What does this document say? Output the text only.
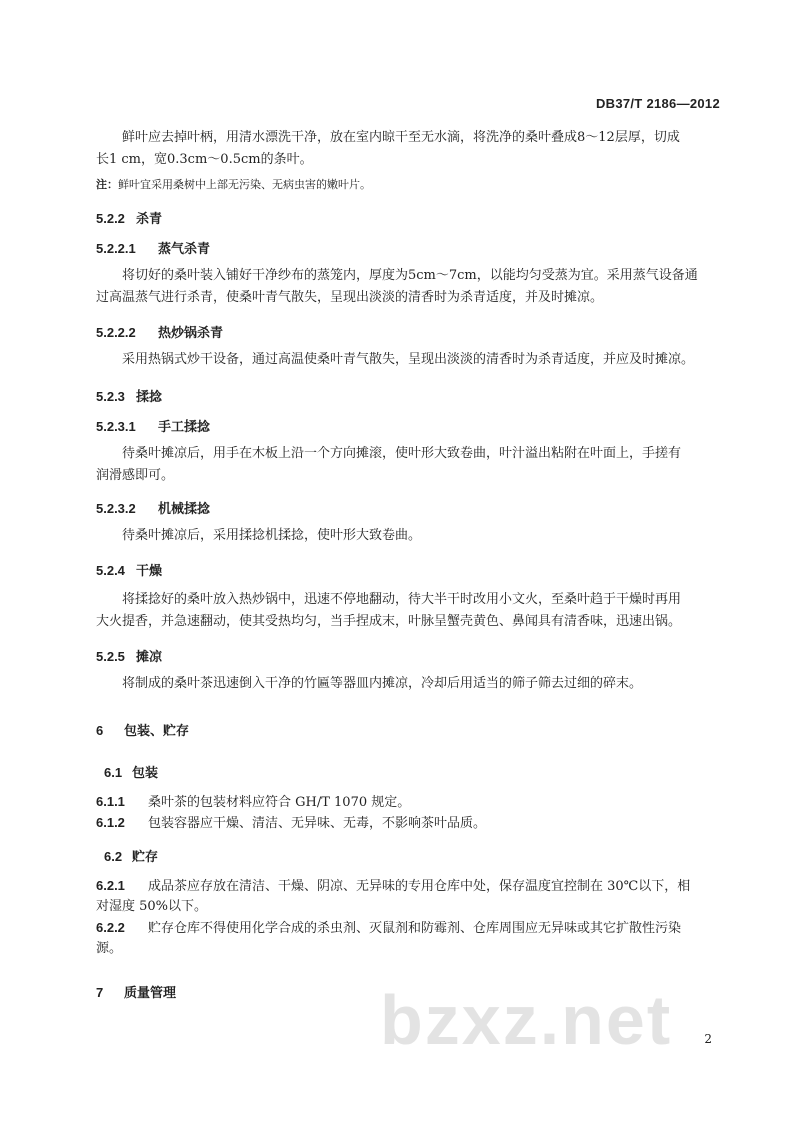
DB37/T 2186—2012
鲜叶应去掉叶柄，用清水漂洗干净，放在室内晾干至无水滴，将洗净的桑叶叠成8～12层厚，切成
长1 cm，宽0.3cm～0.5cm的条叶。
注：鲜叶宜采用桑树中上部无污染、无病虫害的嫩叶片。
5.2.2 杀青
5.2.2.1 蒸气杀青
将切好的桑叶装入铺好干净纱布的蒸笼内，厚度为5cm～7cm，以能均匀受蒸为宜。采用蒸气设备通
过高温蒸气进行杀青，使桑叶青气散失，呈现出淡淡的清香时为杀青适度，并及时摊凉。
5.2.2.2 热炒锅杀青
采用热锅式炒干设备，通过高温使桑叶青气散失，呈现出淡淡的清香时为杀青适度，并应及时摊凉。
5.2.3 揉捻
5.2.3.1 手工揉捻
待桑叶摊凉后，用手在木板上沿一个方向摊滚，使叶形大致卷曲，叶汁溢出粘附在叶面上，手搓有
润滑感即可。
5.2.3.2 机械揉捻
待桑叶摊凉后，采用揉捻机揉捻，使叶形大致卷曲。
5.2.4 干燥
将揉捻好的桑叶放入热炒锅中，迅速不停地翻动，待大半干时改用小文火，至桑叶趋于干燥时再用
大火提香，并急速翻动，使其受热均匀，当手捏成末，叶脉呈蟹壳黄色、鼻闻具有清香味，迅速出锅。
5.2.5 摊凉
将制成的桑叶茶迅速倒入干净的竹匾等器皿内摊凉，冷却后用适当的筛子筛去过细的碎末。
6 包装、贮存
6.1 包装
6.1.1 桑叶茶的包装材料应符合 GH/T 1070 规定。
6.1.2 包装容器应干燥、清洁、无异味、无毒，不影响茶叶品质。
6.2 贮存
6.2.1 成品茶应存放在清洁、干燥、阴凉、无异味的专用仓库中处，保存温度宜控制在 30℃以下，相
对湿度 50%以下。
6.2.2 贮存仓库不得使用化学合成的杀虫剂、灭鼠剂和防霉剂、仓库周围应无异味或其它扩散性污染
源。
7 质量管理	bzxz.net	2
